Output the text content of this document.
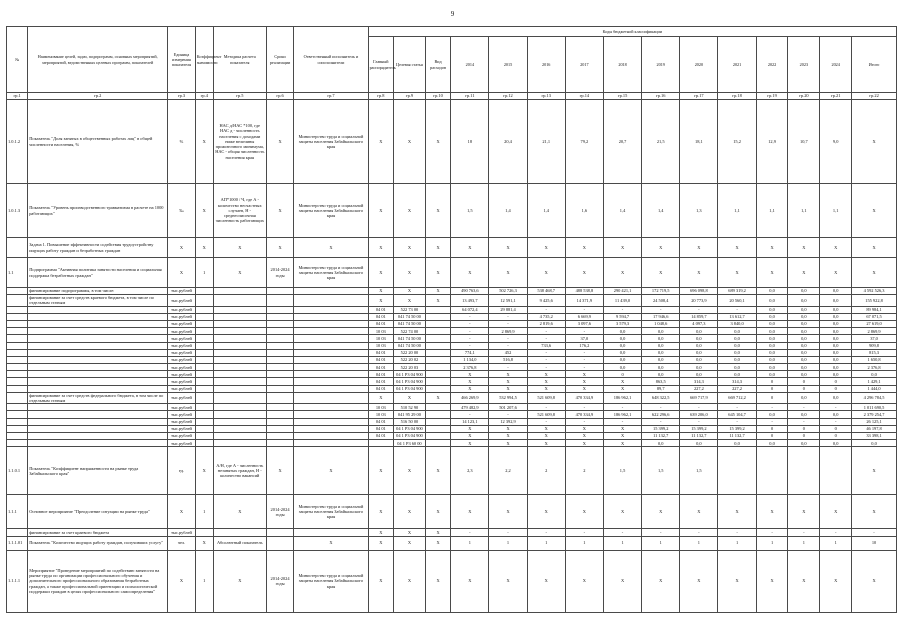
9
№	Наименование целей, задач, подпрограмм, основных мероприятий, мероприятий, ведомственных целевых программ, показателей	Единица измерения показателя	Коэффициент значимости	Методика расчета показателя	Сроки реализации	Ответственный исполнитель и соисполнители	Коды бюджетной классификации														
							Главный распорядитель	Целевая статья	Вид расходов	2014	2015	2016	2017	2018	2019	2020	2021	2022	2023	2024	Итого
гр.1	гр.2	гр.3	гр.4	гр.5	гр.6	гр.7	гр.8	гр.9	гр.10	гр.11	гр.12	гр.13	гр.14	гр.15	гр.16	гр.17	гр.18	гр.19	гр.20	гр.21	гр.22
1.0.1.2	Показатель "Доля занятых в общественных работах лиц" в общей численности населения, %	%	Х	НАС д/НАС *100, где НАС д - численность населения с доходами ниже величины прожиточного минимума, НАС - общая численность населения края	Х	Министерство труда и социальной защиты населения Забайкальского края	Х	Х	Х	18	20,4	21,1	79,2	20,7	21,5	18,1	15,2	12,9	10,7	9,0	Х
1.0.1.3	Показатель "Уровень производственного травматизма в расчете на 1000 работающих"	‰	Х	АП*1000 / Ч, где А - количество несчастных случаев, Н - среднесписочная численность работающих	Х	Министерство труда и социальной защиты населения Забайкальского края	Х	Х	Х	1,5	1,4	1,4	1,6	1,4	1,4	1,3	1,1	1,1	1,1	1,1	Х
	Задача 1. Повышение эффективности содействия трудоустройству ищущих работу граждан и безработных граждан	Х	Х	Х	Х	Х	Х	Х	Х	Х	Х	Х	Х	Х	Х	Х	Х	Х	Х	Х	Х
1.1	Подпрограмма "Активная политика занятости населения и социальная поддержка безработных граждан"	Х	1	Х	2014-2024 годы	Министерство труда и социальной защиты населения Забайкальского края	Х	Х	Х	Х	Х	Х	Х	Х	Х	Х	Х	Х	Х	Х	Х
	финансирование подпрограммы, в том числе:	тыс.рублей					Х	Х	Х	490 763,6	502 726,3	538 468,7	488 538,8	290 421,1	172 719,5	696 098,8	689 319,2	0,0	0,0	0,0	4 592 526,3
	финансирование за счет средств краевого бюджета, в том числе по отдельным статьям	тыс.рублей					Х	Х	Х	13 493,7	12 591,1	9 425,6	14 371,9	11 439,0	24 508,4	20 773,9	20 560,1	0,0	0,0	0,0	155 922,8
		тыс.рублей					04 01	522 73 00		64 072,4	29 881,4	-	-	-	-	-	-	0,0	0,0	0,0	89 984,1
		тыс.рублей					04 01	041 74 50 00		-	-	4 735,2	6 669,9	9 594,7	17 946,6	14 859,7	13 612,7	0,0	0,0	0,0	67 071,5
		тыс.рублей					04 01	041 74 50 00		-	-	2 819,6	3 097,6	3 579,3	1 048,6	4 097,3	3 840,0	0,0	0,0	0,0	27 619,0
		тыс.рублей					10 03	522 74 00		-	2 869,9	-	-	0,0	0,0	0,0	0,0	0,0	0,0	0,0	2 869,9
		тыс.рублей					10 03	041 74 50 00		-	-	-	37,0	0,0	0,0	0,0	0,0	0,0	0,0	0,0	37,0
		тыс.рублей					10 03	041 74 50 00		-	-	733,6	176,2	0,0	0,0	0,0	0,0	0,0	0,0	0,0	909,8
		тыс.рублей					04 01	522 20 00		774,1	452	-	-	0,0	0,0	0,0	0,0	0,0	0,0	0,0	815,3
		тыс.рублей					04 01	522 20 02		1 134,0	516,8	-	-	0,0	0,0	0,0	0,0	0,0	0,0	0,0	1 650,8
		тыс.рублей					04 01	522 20 03		2 376,8	-	-	-	0,0	0,0	0,0	0,0	0,0	0,0	0,0	2 376,8
		тыс.рублей					04 01	04 1 Р3 04 900		Х	Х	Х	Х	0	0,0	0,0	0,0	0,0	0,0	0,0	0,0
		тыс.рублей					04 01	04 1 Р3 04 900		Х	Х	Х	Х	Х	863,5	314,3	314,3	0	0	0	1 429,1
		тыс.рублей					04 01	04 1 Р3 04 900		Х	Х	Х	Х	Х	89,7	227,2	227,2	0	0	0	1 444,0
	финансирование за счет средств федерального бюджета, в том числе по отдельным статьям	тыс.рублей					Х	Х	Х	466 269,9	532 994,5	521 609,8	470 334,9	186 962,1	648 322,5	669 717,9	669 712,2	0	0,0	0,0	4 296 784,5
		тыс.рублей					10 03	510 52 90		479 482,9	501 207,6	-	-	-	-	-	-	-	-	-	1 011 690,5
		тыс.рублей					10 03	041 95 29 00		-	-	521 609,8	470 334,9	186 962,1	622 296,6	639 206,0	645 104,7	0,0	0,0	0,0	2 379 254,7
		тыс.рублей					04 01	516 50 00		14 123,1	12 392,9	-	-	-	-	-	-	-	-	-	26 125,1
		тыс.рублей					04 01	04 1 Р3 04 900		Х	Х	Х	Х	Х	15 399,2	15 399,2	15 399,2	0	0	0	46 197,8
		тыс.рублей					04 01	04 1 Р3 04 900		Х	Х	Х	Х	Х	11 132,7	11 132,7	11 132,7	0	0	0	33 398,1
		тыс.рублей						04 1 Р3 60 00		Х	Х	Х	Х	Х	0,0	0,0	0,0	0,0	0,0	0,0	0,0
1.1.0.1	Показатель "Коэффициент напряженности на рынке труда Забайкальского края"	ед.	Х	А/Н, где А - численность незанятых граждан, Н - количество вакансий	Х	Х	Х	Х	Х	2,3	2,2	2	2	1,5	1,5	1,5					Х
1.1.1	Основное мероприятие "Преодоление ситуации на рынке труда"	Х	1	Х	2014-2024 годы	Министерство труда и социальной защиты населения Забайкальского края	Х	Х	Х	Х	Х	Х	Х	Х	Х	Х	Х	Х	Х	Х	Х
	финансирование за счет краевого бюджета	тыс.рублей					Х	Х	Х	-	-	-	-	-	-	-	-	-	-	-	-
1.1.1.01	Показатель "Количество ищущих работу граждан, получивших услугу"	чел.	Х	Абсолютный показатель		Х	Х	Х	Х	1	1	1	1	1	1	1	1	1	1	1	10
1.1.1.1	Мероприятие "Проведение мероприятий по содействию занятости на рынке труда по организации профессионального обучения и дополнительного профессионального образования безработных граждан, а также профессиональной ориентации и психологической поддержки граждан в целях профессионального самоопределения"	Х	1	Х	2014-2024 годы	Министерство труда и социальной защиты населения Забайкальского края	Х	Х	Х	Х	Х	Х	Х	Х	Х	Х	Х	Х	Х	Х	Х
